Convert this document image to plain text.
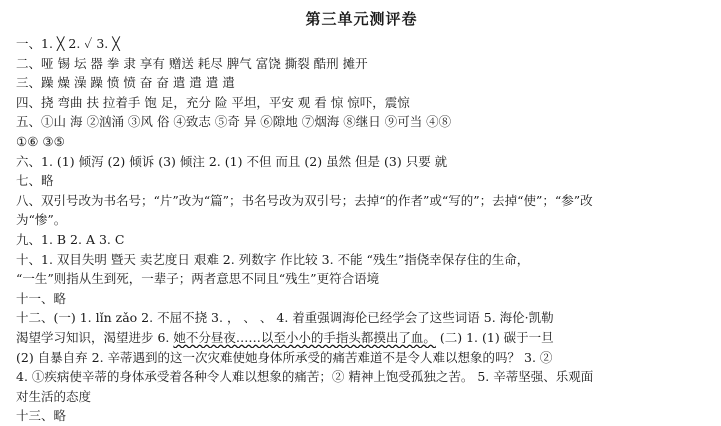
第三单元测评卷
一、1. ╳ 2. ✓ 3. ╳
二、哑 锡 坛 器 拳 隶 享有 赠送 耗尽 脾气 富饶 撕裂 酷刑 摊开
三、躁 燥 澡 躁 愤 愤 奋 奋 遣 遣 遣 遣
四、挠 弯曲 扶 拉着手 饱 足，充分 险 平坦，平安 观 看 惊 惊吓，震惊
五、①山 海 ②汹涌 ③风 俗 ④致志 ⑤奇 异 ⑥隙地 ⑦烟海 ⑧继日 ⑨可当 ④⑧
①⑥ ③⑤
六、1. (1) 倾泻 (2) 倾诉 (3) 倾注 2. (1) 不但 而且 (2) 虽然 但是 (3) 只要 就
七、略
八、双引号改为书名号；“片”改为“篇”；书名号改为双引号；去掉“的作者”或“写的”；去掉“使”；“参”改
为“惨”。
九、1. B 2. A 3. C
十、1. 双目失明 暨天 卖艺度日 艰难 2. 列数字 作比较 3. 不能 “残生”指侥幸保存住的生命，
“一生”则指从生到死，一辈子；两者意思不同且“残生”更符合语境
十一、略
十二、(一) 1. lǐn zǎo 2. 不屈不挠 3. ， 、 、 4. 着重强调海伦已经学会了这些词语 5. 海伦·凯勒
渴望学习知识，渴望进步 6. 她不分昼夜……以至小小的手指头都摸出了血。 (二) 1. (1) 碳于一旦
(2) 自暴自弃 2. 辛蒂遇到的这一次灾难使她身体所承受的痛苦难道不是令人难以想象的吗？ 3. ②
4. ①疾病使辛蒂的身体承受着各种令人难以想象的痛苦；② 精神上饱受孤独之苦。 5. 辛蒂坚强、乐观面
对生活的态度
十三、略
